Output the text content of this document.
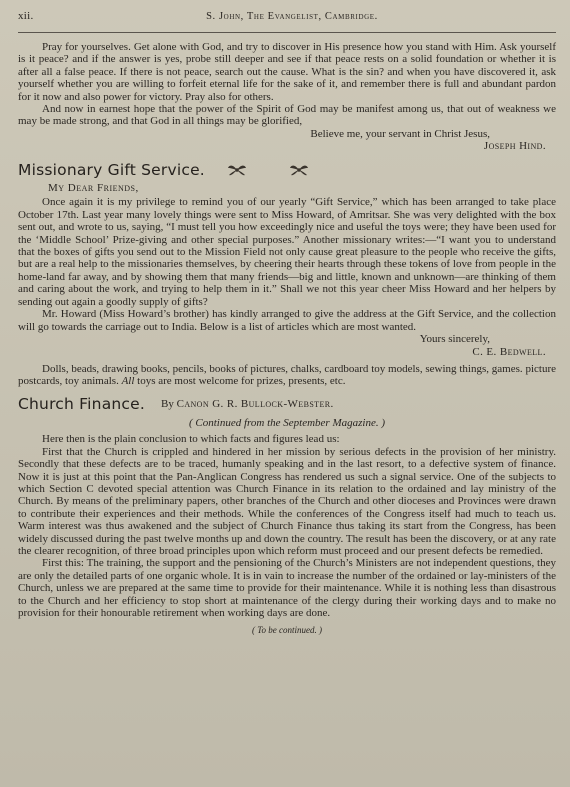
xii.	S. John, The Evangelist, Cambridge.

Pray for yourselves. Get alone with God, and try to discover in His presence how you stand with Him. Ask yourself is it peace? and if the answer is yes, probe still deeper and see if that peace rests on a solid foundation or whether it is after all a false peace. If there is not peace, search out the cause. What is the sin? and when you have discovered it, ask yourself whether you are willing to forfeit eternal life for the sake of it, and remember there is full and abundant pardon for it now and also power for victory. Pray also for others.

And now in earnest hope that the power of the Spirit of God may be manifest among us, that out of weakness we may be made strong, and that God in all things may be glorified,

Believe me, your servant in Christ Jesus,
Joseph Hind.
Missionary Gift Service.
My Dear Friends,

Once again it is my privilege to remind you of our yearly “Gift Service,” which has been arranged to take place October 17th. Last year many lovely things were sent to Miss Howard, of Amritsar. She was very delighted with the box sent out, and wrote to us, saying, “I must tell you how exceedingly nice and useful the toys were; they have been used for the ‘Middle School’ Prize-giving and other special purposes.” Another missionary writes:—“I want you to understand that the boxes of gifts you send out to the Mission Field not only cause great pleasure to the people who receive the gifts, but are a real help to the missionaries themselves, by cheering their hearts through these tokens of love from people in the home-land far away, and by showing them that many friends—big and little, known and unknown—are thinking of them and caring about the work, and trying to help them in it.” Shall we not this year cheer Miss Howard and her helpers by sending out again a goodly supply of gifts?

Mr. Howard (Miss Howard’s brother) has kindly arranged to give the address at the Gift Service, and the collection will go towards the carriage out to India. Below is a list of articles which are most wanted.

Yours sincerely,
C. E. Bedwell.

Dolls, beads, drawing books, pencils, books of pictures, chalks, cardboard toy models, sewing things, games. picture postcards, toy animals. All toys are most welcome for prizes, presents, etc.

Church Finance. By Canon G. R. Bullock-Webster.
( Continued from the September Magazine. )

Here then is the plain conclusion to which facts and figures lead us:

First that the Church is crippled and hindered in her mission by serious defects in the provision of her ministry. Secondly that these defects are to be traced, humanly speaking and in the last resort, to a defective system of finance. Now it is just at this point that the Pan-Anglican Congress has rendered us such a signal service. One of the subjects to which Section C devoted special attention was Church Finance in its relation to the ordained and lay ministry of the Church. By means of the preliminary papers, other branches of the Church and other dioceses and Provinces were drawn to contribute their experiences and their methods. While the conferences of the Congress itself had much to teach us. Warm interest was thus awakened and the subject of Church Finance thus taking its start from the Congress, has been widely discussed during the past twelve months up and down the country. The result has been the discovery, or at any rate the clearer recognition, of three broad principles upon which reform must proceed and our present defects be remedied.

First this: The training, the support and the pensioning of the Church’s Ministers are not independent questions, they are only the detailed parts of one organic whole. It is in vain to increase the number of the ordained or lay-ministers of the Church, unless we are prepared at the same time to provide for their maintenance. While it is nothing less than disastrous to the Church and her efficiency to stop short at maintenance of the clergy during their working days and to make no provision for their honourable retirement when working days are done.

( To be continued. )
